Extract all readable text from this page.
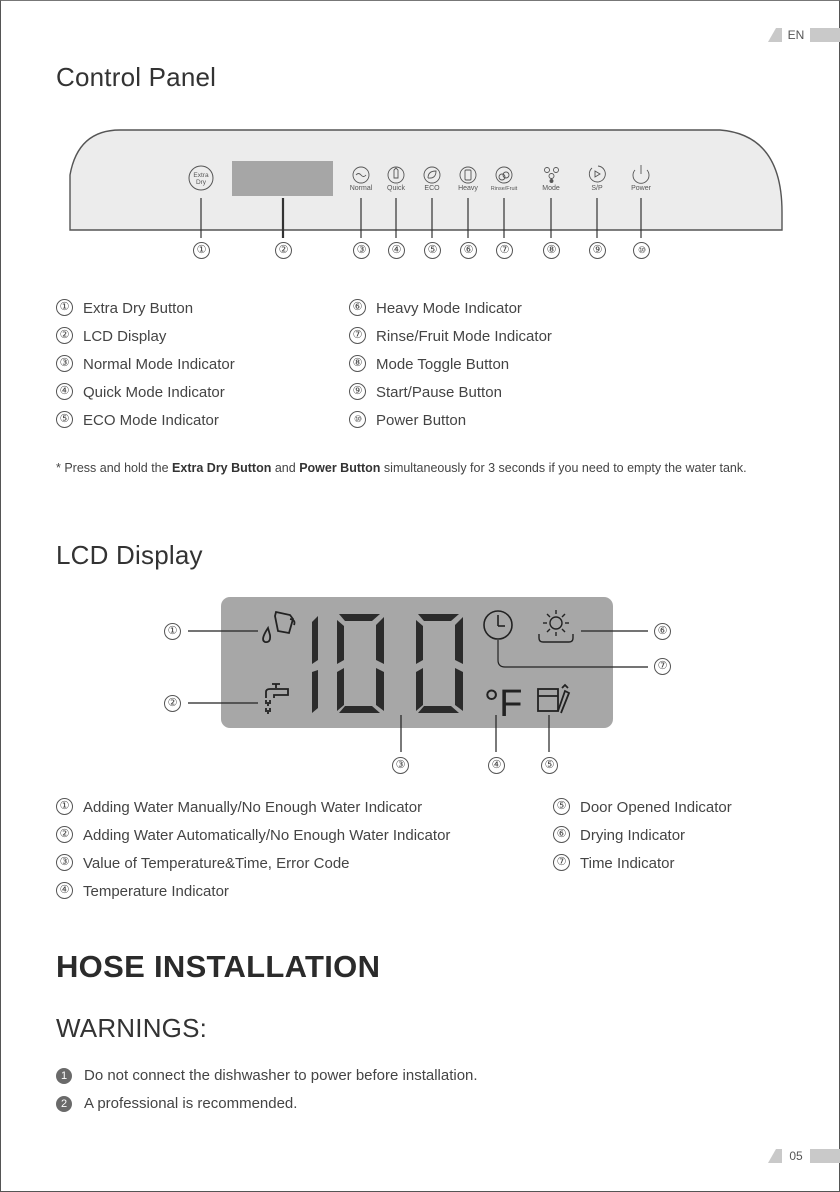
EN
Control Panel
Extra
Dry
Normal	Quick	ECO	Heavy	Rinse/Fruit	Mode	S/P	Power
①	②	③	④	⑤	⑥	⑦	⑧	⑨	⑩
① Extra Dry Button
② LCD Display
③ Normal Mode Indicator
④ Quick Mode Indicator
⑤ ECO Mode Indicator
⑥ Heavy Mode Indicator
⑦ Rinse/Fruit Mode Indicator
⑧ Mode Toggle Button
⑨ Start/Pause Button
⑩ Power Button
* Press and hold the Extra Dry Button and Power Button simultaneously for 3 seconds if you need to empty the water tank.
LCD Display
°F
①
②
③	④	⑤
⑥
⑦
① Adding Water Manually/No Enough Water Indicator
② Adding Water Automatically/No Enough Water Indicator
③ Value of Temperature&Time, Error Code
④ Temperature Indicator
⑤ Door Opened Indicator
⑥ Drying Indicator
⑦ Time Indicator
HOSE INSTALLATION
WARNINGS:
1 Do not connect the dishwasher to power before installation.
2 A professional is recommended.
05
